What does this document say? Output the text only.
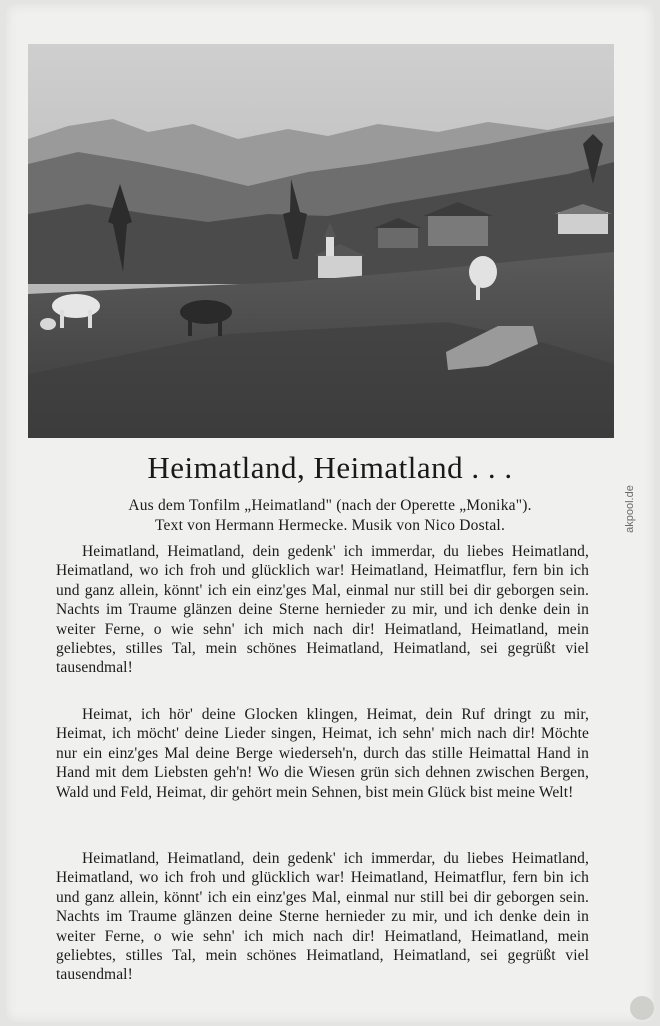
Heimatland, Heimatland . . .
Aus dem Tonfilm „Heimatland" (nach der Operette „Monika").
Text von Hermann Hermecke. Musik von Nico Dostal.
Heimatland, Heimatland, dein gedenk' ich immerdar, du liebes Heimatland, Heimatland, wo ich froh und glücklich war! Heimatland, Heimatflur, fern bin ich und ganz allein, könnt' ich ein einz'ges Mal, einmal nur still bei dir geborgen sein. Nachts im Traume glänzen deine Sterne hernieder zu mir, und ich denke dein in weiter Ferne, o wie sehn' ich mich nach dir! Heimatland, Heimatland, mein geliebtes, stilles Tal, mein schönes Heimatland, Heimatland, sei gegrüßt viel tausendmal!
Heimat, ich hör' deine Glocken klingen, Heimat, dein Ruf dringt zu mir, Heimat, ich möcht' deine Lieder singen, Heimat, ich sehn' mich nach dir! Möchte nur ein einz'ges Mal deine Berge wiederseh'n, durch das stille Heimattal Hand in Hand mit dem Liebsten geh'n! Wo die Wiesen grün sich dehnen zwischen Bergen, Wald und Feld, Heimat, dir gehört mein Sehnen, bist mein Glück bist meine Welt!
Heimatland, Heimatland, dein gedenk' ich immerdar, du liebes Heimatland, Heimatland, wo ich froh und glücklich war! Heimatland, Heimatflur, fern bin ich und ganz allein, könnt' ich ein einz'ges Mal, einmal nur still bei dir geborgen sein. Nachts im Traume glänzen deine Sterne hernieder zu mir, und ich denke dein in weiter Ferne, o wie sehn' ich mich nach dir! Heimatland, Heimatland, mein geliebtes, stilles Tal, mein schönes Heimatland, Heimatland, sei gegrüßt viel tausendmal!
akpool.de
